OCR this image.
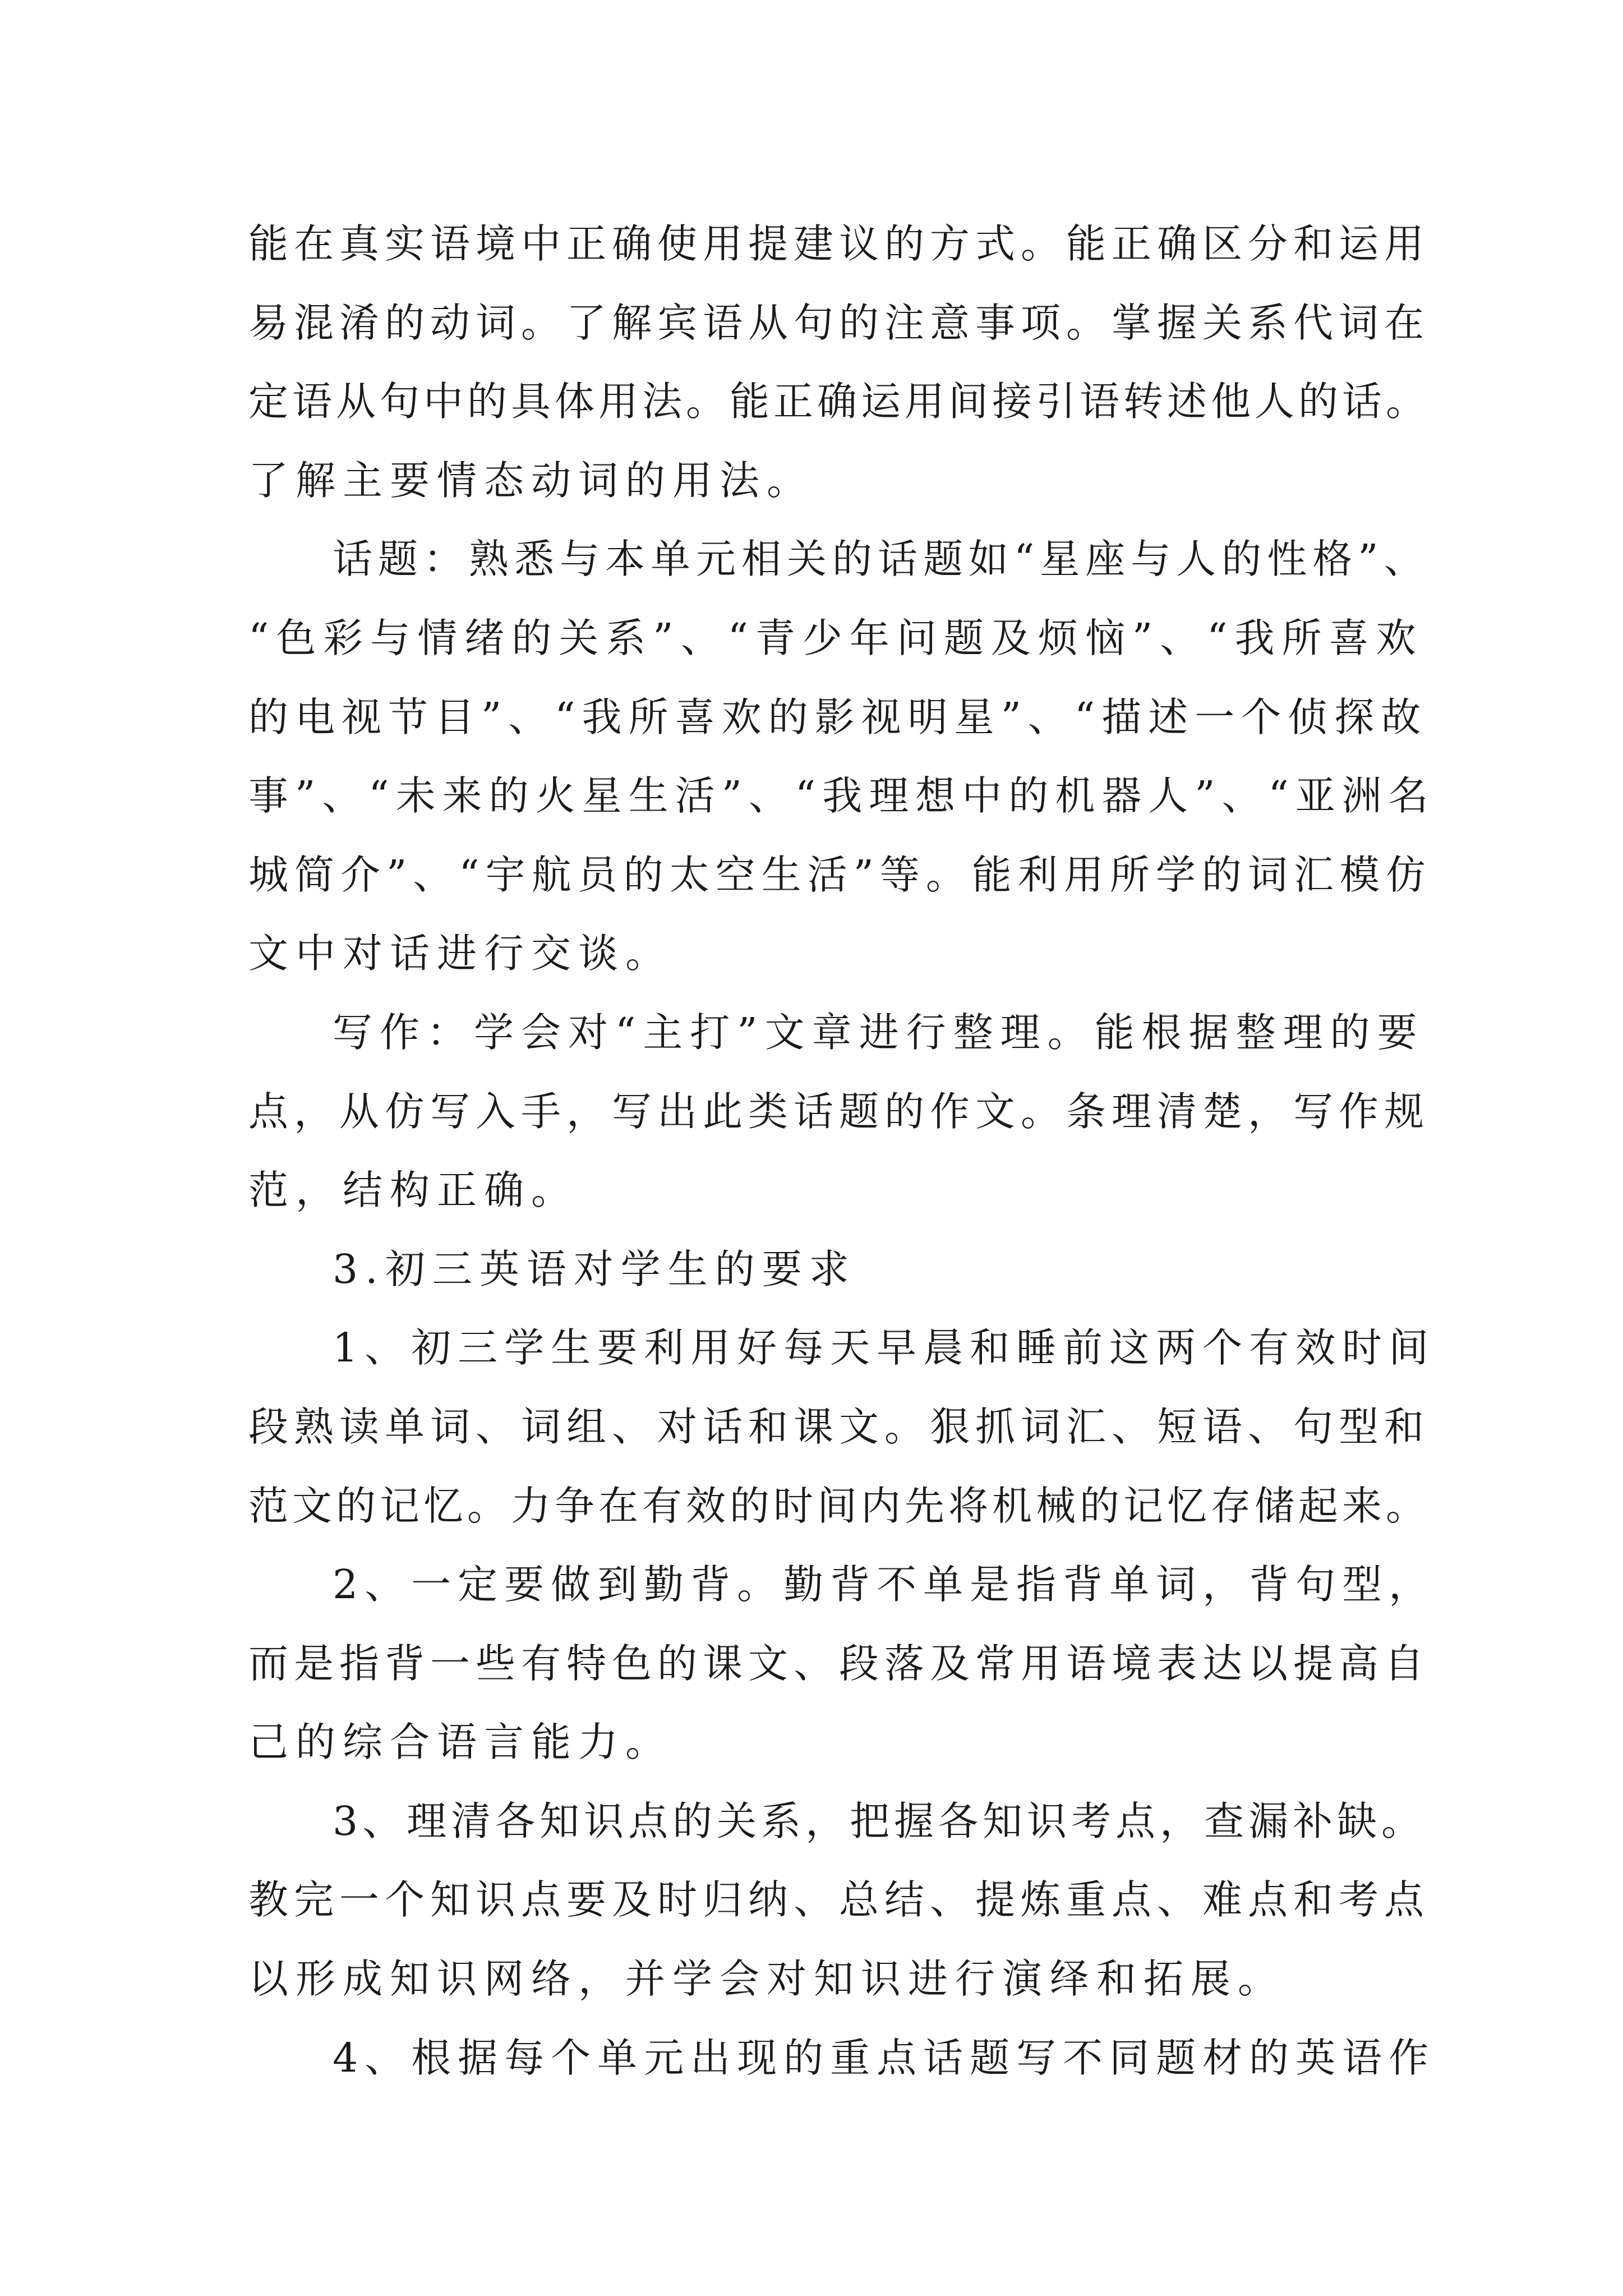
能在真实语境中正确使用提建议的方式。能正确区分和运用
易混淆的动词。了解宾语从句的注意事项。掌握关系代词在
定语从句中的具体用法。能正确运用间接引语转述他人的话。
了解主要情态动词的用法。
话题：熟悉与本单元相关的话题如“星座与人的性格”、
“色彩与情绪的关系”、“青少年问题及烦恼”、“我所喜欢
的电视节目”、“我所喜欢的影视明星”、“描述一个侦探故
事”、“未来的火星生活”、“我理想中的机器人”、“亚洲名
城简介”、“宇航员的太空生活”等。能利用所学的词汇模仿
文中对话进行交谈。
写作：学会对“主打”文章进行整理。能根据整理的要
点，从仿写入手，写出此类话题的作文。条理清楚，写作规
范，结构正确。
3.初三英语对学生的要求
1、初三学生要利用好每天早晨和睡前这两个有效时间
段熟读单词、词组、对话和课文。狠抓词汇、短语、句型和
范文的记忆。力争在有效的时间内先将机械的记忆存储起来。
2、一定要做到勤背。勤背不单是指背单词，背句型，
而是指背一些有特色的课文、段落及常用语境表达以提高自
己的综合语言能力。
3、理清各知识点的关系，把握各知识考点，查漏补缺。
教完一个知识点要及时归纳、总结、提炼重点、难点和考点
以形成知识网络，并学会对知识进行演绎和拓展。
4、根据每个单元出现的重点话题写不同题材的英语作
